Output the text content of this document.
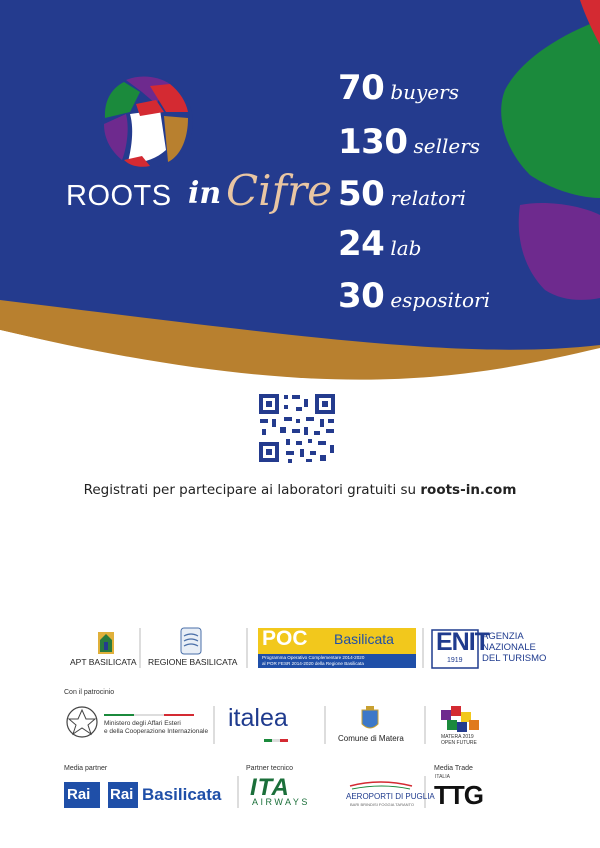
ROOTS in Cifre
70 buyers
130 sellers
50 relatori
24 lab
30 espositori
Registrati per partecipare ai laboratori gratuiti su roots-in.com
APT BASILICATA REGIONE BASILICATA
POC Basilicata
Programma Operativo Complementare 2014-2020
al POR FESR 2014-2020 della Regione Basilicata
ENIT
1919
AGENZIA
NAZIONALE
DEL TURISMO
Con il patrocinio
Ministero degli Affari Esteri
e della Cooperazione Internazionale italea
Comune di Matera	MATERA 2019
OPEN FUTURE
Media partner
Rai Rai Basilicata
Partner tecnico
ITA
AIRWAYS
AEROPORTI DI PUGLIA
BARI BRINDISI FOGGIA TARANTO
Media Trade
ITALIA
TTG
